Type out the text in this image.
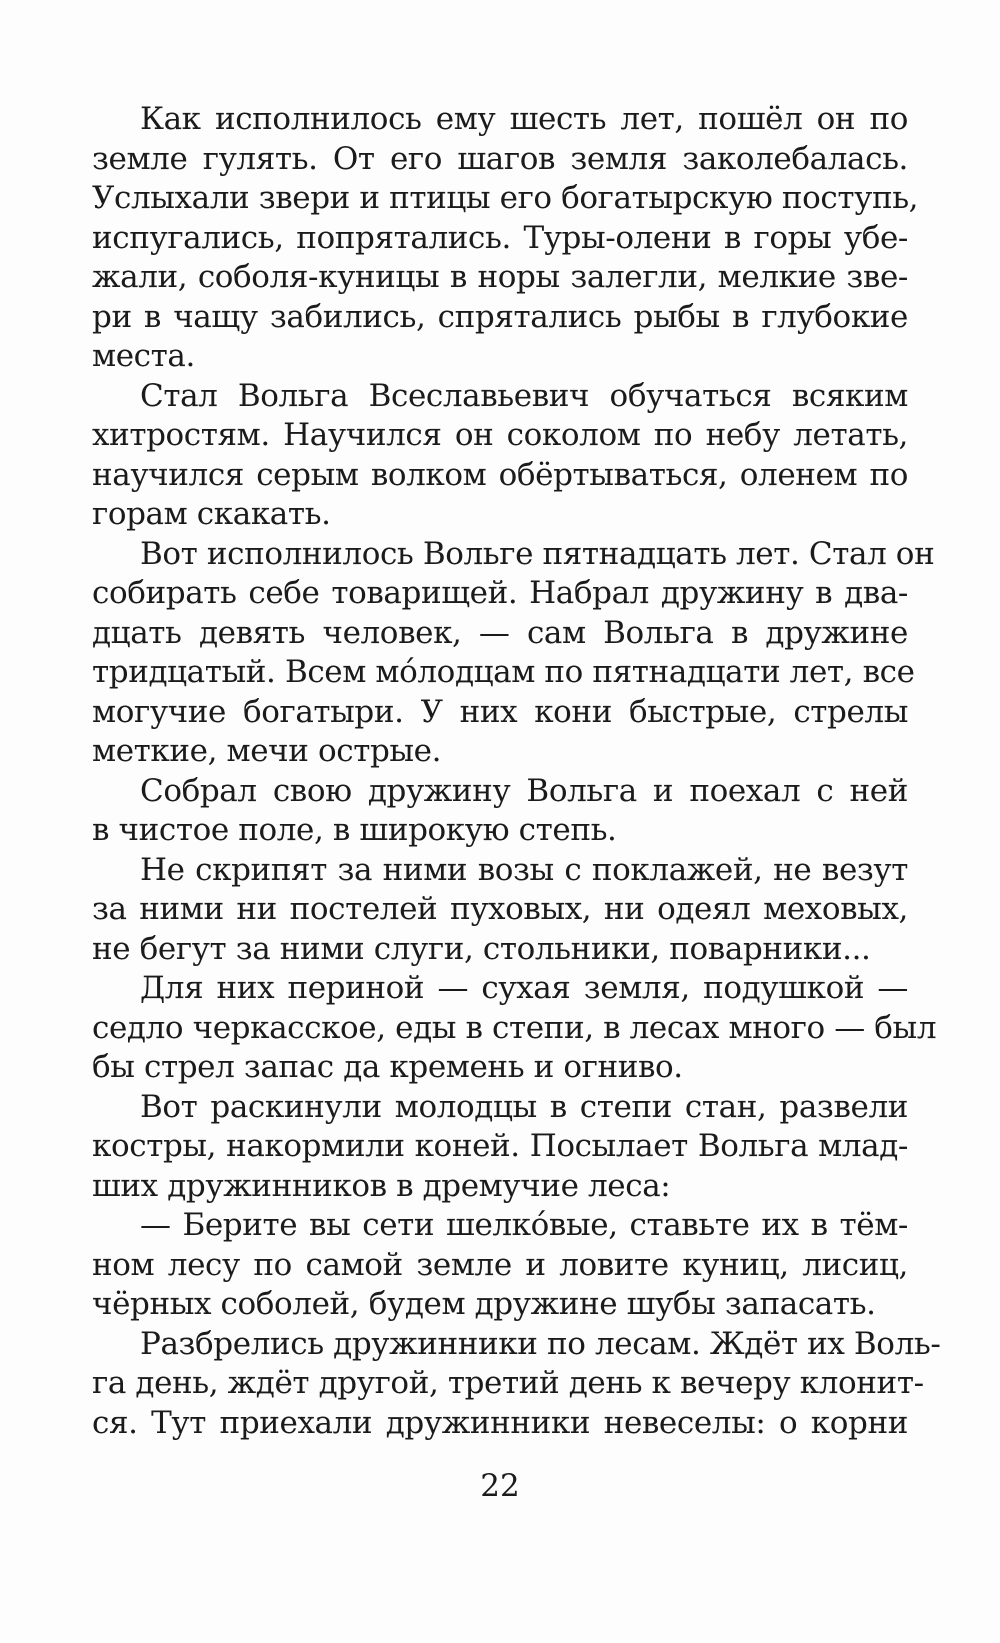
Как исполнилось ему шесть лет, пошёл он по
земле гулять. От его шагов земля заколебалась.
Услыхали звери и птицы его богатырскую поступь,
испугались, попрятались. Туры-олени в горы убе-
жали, соболя-куницы в норы залегли, мелкие зве-
ри в чащу забились, спрятались рыбы в глубокие
места.
Стал Вольга Всеславьевич обучаться всяким
хитростям. Научился он соколом по небу летать,
научился серым волком обёртываться, оленем по
горам скакать.
Вот исполнилось Вольге пятнадцать лет. Стал он
собирать себе товарищей. Набрал дружину в два-
дцать девять человек, — сам Вольга в дружине
тридцатый. Всем мо́лодцам по пятнадцати лет, все
могучие богатыри. У них кони быстрые, стрелы
меткие, мечи острые.
Собрал свою дружину Вольга и поехал с ней
в чистое поле, в широкую степь.
Не скрипят за ними возы с поклажей, не везут
за ними ни постелей пуховых, ни одеял меховых,
не бегут за ними слуги, стольники, поварники...
Для них периной — сухая земля, подушкой —
седло черкасское, еды в степи, в лесах много — был
бы стрел запас да кремень и огниво.
Вот раскинули молодцы в степи стан, развели
костры, накормили коней. Посылает Вольга млад-
ших дружинников в дремучие леса:
— Берите вы сети шелко́вые, ставьте их в тём-
ном лесу по самой земле и ловите куниц, лисиц,
чёрных соболей, будем дружине шубы запасать.
Разбрелись дружинники по лесам. Ждёт их Воль-
га день, ждёт другой, третий день к вечеру клонит-
ся. Тут приехали дружинники невеселы: о корни
22
